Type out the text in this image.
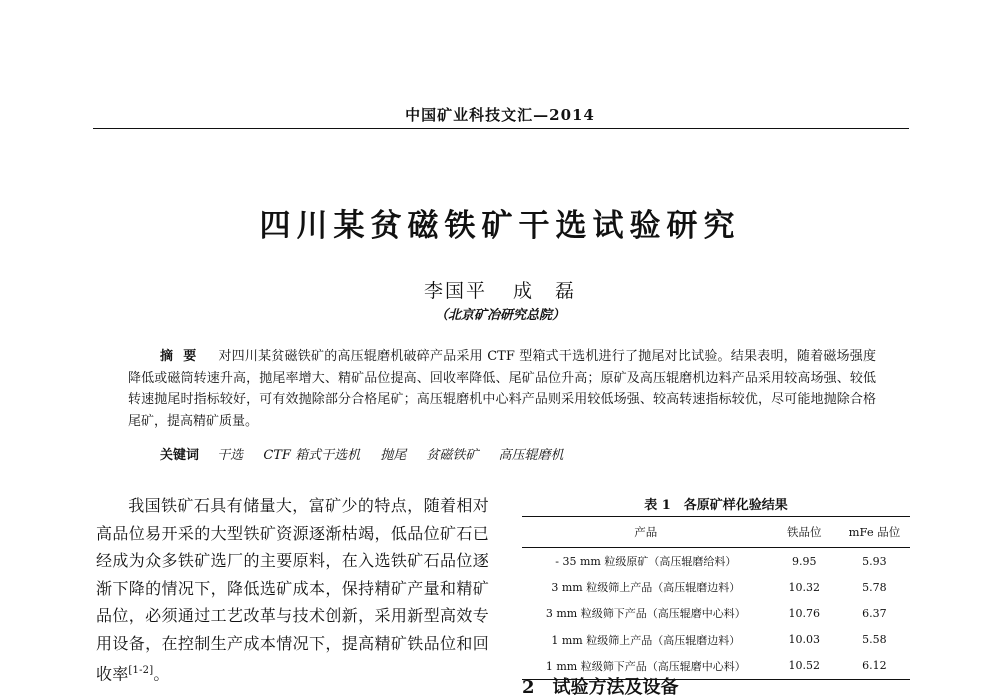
中国矿业科技文汇—2014
四川某贫磁铁矿干选试验研究
李国平 成　磊
（北京矿冶研究总院）
摘要 对四川某贫磁铁矿的高压辊磨机破碎产品采用 CTF 型箱式干选机进行了抛尾对比试验。结果表明，随着磁场强度降低或磁筒转速升高，抛尾率增大、精矿品位提高、回收率降低、尾矿品位升高；原矿及高压辊磨机边料产品采用较高场强、较低转速抛尾时指标较好，可有效抛除部分合格尾矿；高压辊磨机中心料产品则采用较低场强、较高转速指标较优，尽可能地抛除合格尾矿，提高精矿质量。
关键词 干选 CTF 箱式干选机 抛尾 贫磁铁矿 高压辊磨机
我国铁矿石具有储量大，富矿少的特点，随着相对高品位易开采的大型铁矿资源逐渐枯竭，低品位矿石已经成为众多铁矿选厂的主要原料，在入选铁矿石品位逐渐下降的情况下，降低选矿成本，保持精矿产量和精矿品位，必须通过工艺改革与技术创新，采用新型高效专用设备，在控制生产成本情况下，提高精矿铁品位和回收率[1-2]。
表 1　各原矿样化验结果
产品	铁品位	mFe 品位
- 35 mm 粒级原矿（高压辊磨给料）	9.95	5.93
3 mm 粒级筛上产品（高压辊磨边料）	10.32	5.78
3 mm 粒级筛下产品（高压辊磨中心料）	10.76	6.37
1 mm 粒级筛上产品（高压辊磨边料）	10.03	5.58
1 mm 粒级筛下产品（高压辊磨中心料）	10.52	6.12
2　试验方法及设备
